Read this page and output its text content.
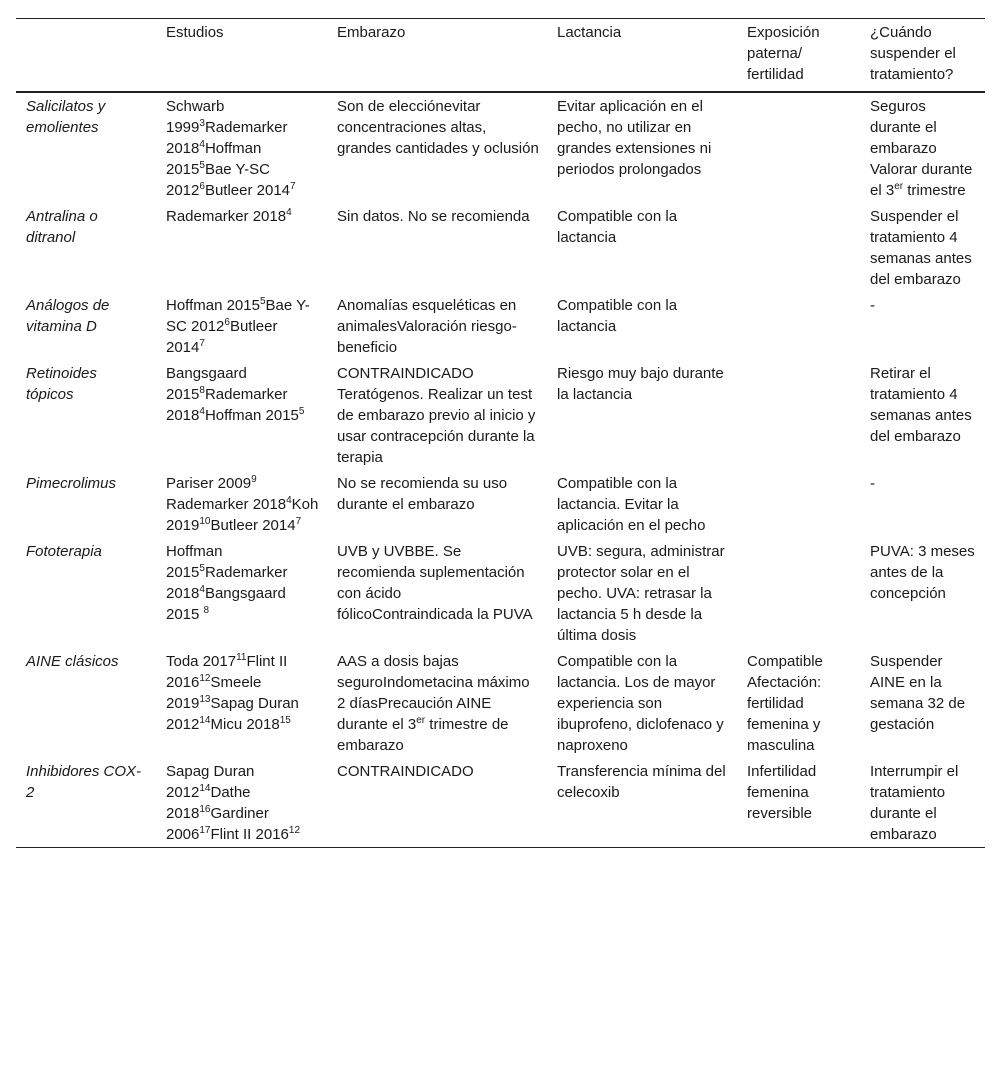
	Estudios	Embarazo	Lactancia	Exposición paterna/ fertilidad	¿Cuándo suspender el tratamiento?
Salicilatos y emolientes	Schwarb 1999$^3$Rademarker 2018$^4$Hoffman 2015$^5$Bae Y-SC 2012$^6$Butleer 2014$^7$	Son de elecciónevitar concentraciones altas, grandes cantidades y oclusión	Evitar aplicación en el pecho, no utilizar en grandes extensiones ni periodos prolongados		Seguros durante el embarazo Valorar durante el 3er trimestre
Antralina o ditranol	Rademarker 2018$^4$	Sin datos. No se recomienda	Compatible con la lactancia		Suspender el tratamiento 4 semanas antes del embarazo
Análogos de vitamina D	Hoffman 2015$^5$Bae Y-SC 2012$^6$Butleer 2014$^7$	Anomalías esqueléticas en animalesValoración riesgo- beneficio	Compatible con la lactancia		-
Retinoides tópicos	Bangsgaard 2015$^8$Rademarker 2018$^4$Hoffman 2015$^5$	CONTRAINDICADO Teratógenos. Realizar un test de embarazo previo al inicio y usar contracepción durante la terapia	Riesgo muy bajo durante la lactancia		Retirar el tratamiento 4 semanas antes del embarazo
Pimecrolimus	Pariser 2009$^9$ Rademarker 2018$^4$Koh 2019$^{10}$Butleer 2014$^7$	No se recomienda su uso durante el embarazo	Compatible con la lactancia. Evitar la aplicación en el pecho		-
Fototerapia	Hoffman 2015$^5$Rademarker 2018$^4$Bangsgaard 2015 $^8$	UVB y UVBBE. Se recomienda suplementación con ácido fólicoContraindicada la PUVA	UVB: segura, administrar protector solar en el pecho. UVA: retrasar la lactancia 5 h desde la última dosis		PUVA: 3 meses antes de la concepción
AINE clásicos	Toda 2017$^{11}$Flint II 2016$^{12}$Smeele 2019$^{13}$Sapag Duran 2012$^{14}$Micu 2018$^{15}$	AAS a dosis bajas seguroIndometacina máximo 2 díasPrecaución AINE durante el 3er trimestre de embarazo	Compatible con la lactancia. Los de mayor experiencia son ibuprofeno, diclofenaco y naproxeno	Compatible Afectación: fertilidad femenina y masculina	Suspender AINE en la semana 32 de gestación
Inhibidores COX-2	Sapag Duran 2012$^{14}$Dathe 2018$^{16}$Gardiner 2006$^{17}$Flint II 2016$^{12}$	CONTRAINDICADO	Transferencia mínima del celecoxib	Infertilidad femenina reversible	Interrumpir el tratamiento durante el embarazo
